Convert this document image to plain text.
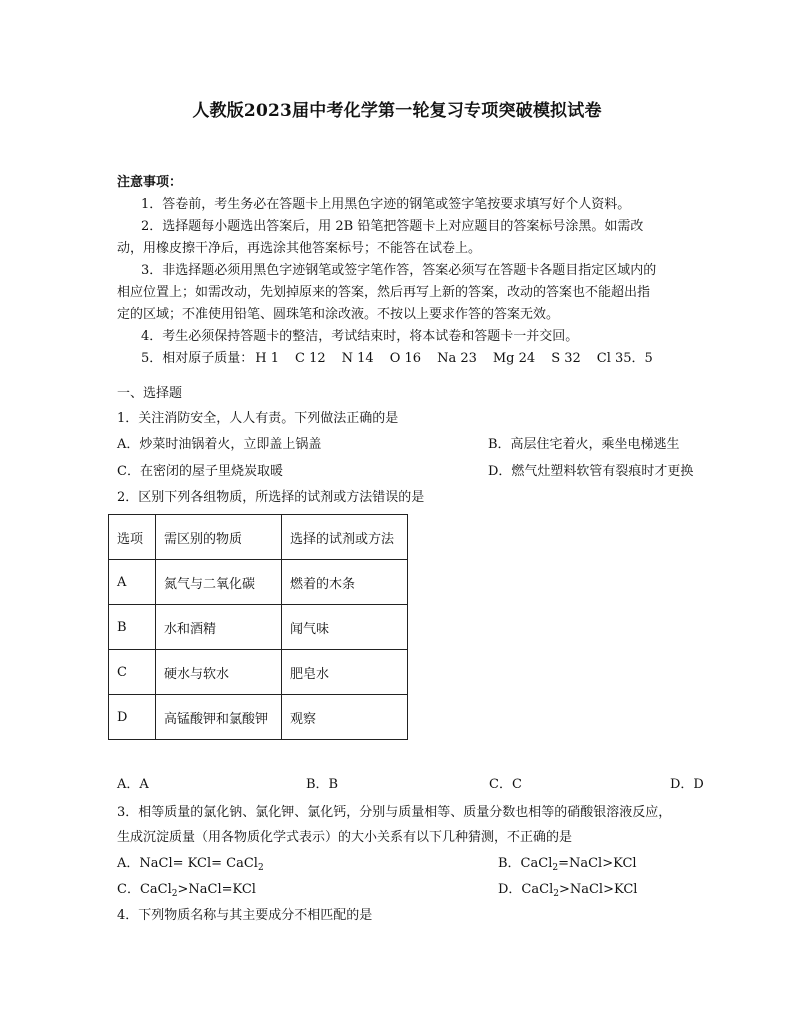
人教版2023届中考化学第一轮复习专项突破模拟试卷
注意事项：
1．答卷前，考生务必在答题卡上用黑色字迹的钢笔或签字笔按要求填写好个人资料。
2．选择题每小题选出答案后，用 2B 铅笔把答题卡上对应题目的答案标号涂黑。如需改
动，用橡皮擦干净后，再选涂其他答案标号；不能答在试卷上。
3．非选择题必须用黑色字迹钢笔或签字笔作答，答案必须写在答题卡各题目指定区域内的
相应位置上；如需改动，先划掉原来的答案，然后再写上新的答案，改动的答案也不能超出指
定的区域；不准使用铅笔、圆珠笔和涂改液。不按以上要求作答的答案无效。
4．考生必须保持答题卡的整洁，考试结束时，将本试卷和答题卡一并交回。
5．相对原子质量： H 1 C 12 N 14 O 16 Na 23 Mg 24 S 32 Cl 35．5
一、选择题
1．关注消防安全，人人有责。下列做法正确的是
A．炒菜时油锅着火，立即盖上锅盖	B．高层住宅着火，乘坐电梯逃生
C．在密闭的屋子里烧炭取暖	D．燃气灶塑料软管有裂痕时才更换
2．区别下列各组物质，所选择的试剂或方法错误的是
选项	需区别的物质	选择的试剂或方法
A	氮气与二氧化碳	燃着的木条
B	水和酒精	闻气味
C	硬水与软水	肥皂水
D	高锰酸钾和氯酸钾	观察
A．A	B．B	C．C	D．D
3．相等质量的氯化钠、氯化钾、氯化钙，分别与质量相等、质量分数也相等的硝酸银溶液反应，
生成沉淀质量（用各物质化学式表示）的大小关系有以下几种猜测，不正确的是
A．NaCl= KCl= CaCl$_2$	B．CaCl$_2$=NaCl>KCl
C．CaCl$_2$>NaCl=KCl	D．CaCl$_2$>NaCl>KCl
4．下列物质名称与其主要成分不相匹配的是
